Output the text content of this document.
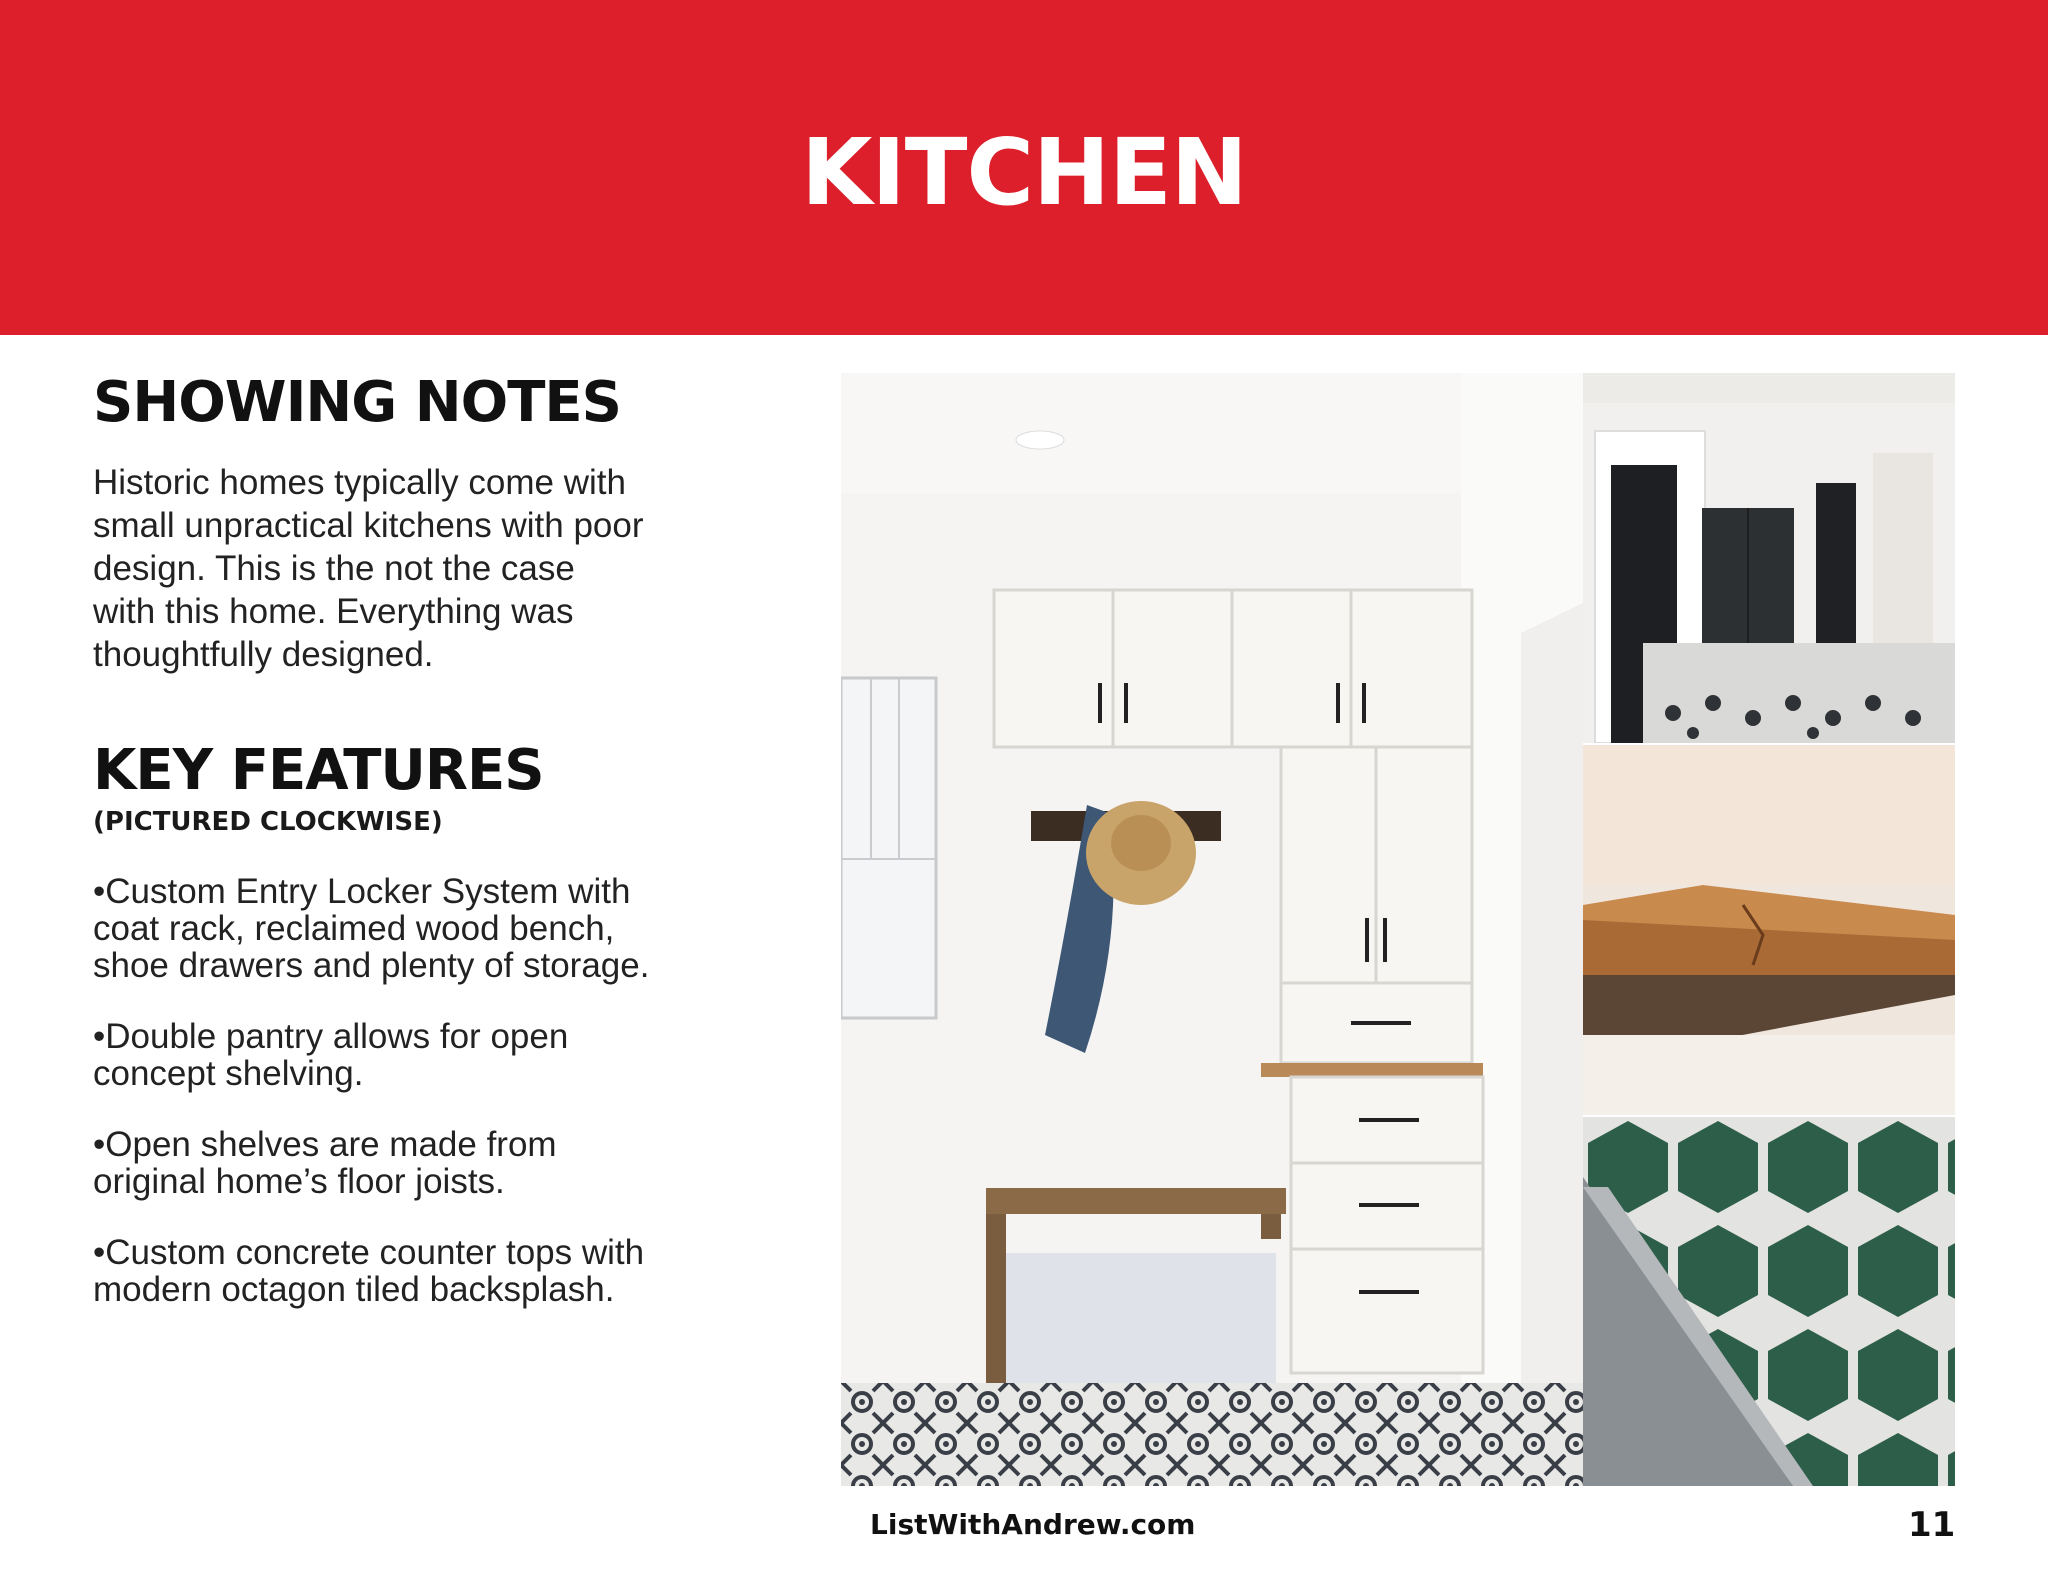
KITCHEN
SHOWING NOTES

Historic homes typically come with
small unpractical kitchens with poor
design. This is the not the case
with this home. Everything was
thoughtfully designed.

KEY FEATURES

(PICTURED CLOCKWISE)

•Custom Entry Locker System with
coat rack, reclaimed wood bench,
shoe drawers and plenty of storage.

•Double pantry allows for open
concept shelving.

•Open shelves are made from
original home’s floor joists.

•Custom concrete counter tops with
modern octagon tiled backsplash.

ListWithAndrew.com	11
